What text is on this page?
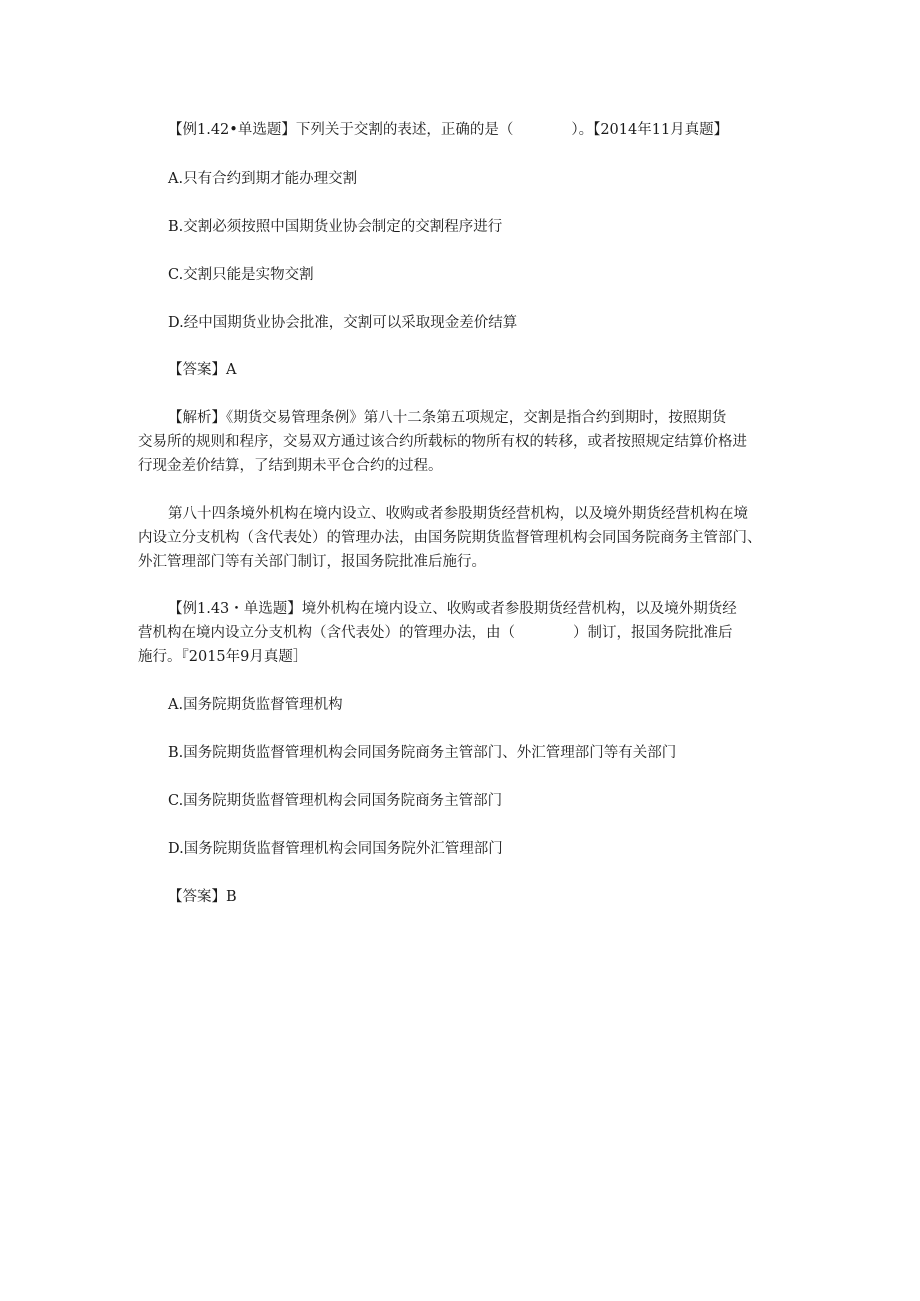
【例1.42•单选题】下列关于交割的表述，正确的是（　　　　）。【2014年11月真题】
A.只有合约到期才能办理交割
B.交割必须按照中国期货业协会制定的交割程序进行
C.交割只能是实物交割
D.经中国期货业协会批准，交割可以采取现金差价结算
【答案】A
【解析】《期货交易管理条例》第八十二条第五项规定，交割是指合约到期时，按照期货
交易所的规则和程序，交易双方通过该合约所载标的物所有权的转移，或者按照规定结算价格进
行现金差价结算，了结到期未平仓合约的过程。
第八十四条境外机构在境内设立、收购或者参股期货经营机构，以及境外期货经营机构在境
内设立分支机构（含代表处）的管理办法，由国务院期货监督管理机构会同国务院商务主管部门、
外汇管理部门等有关部门制订，报国务院批准后施行。
【例1.43・单选题】境外机构在境内设立、收购或者参股期货经营机构，以及境外期货经
营机构在境内设立分支机构（含代表处）的管理办法，由（　　　　）制订，报国务院批准后
施行。『2015年9月真题］
A.国务院期货监督管理机构
B.国务院期货监督管理机构会同国务院商务主管部门、外汇管理部门等有关部门
C.国务院期货监督管理机构会同国务院商务主管部门
D.国务院期货监督管理机构会同国务院外汇管理部门
【答案】B
